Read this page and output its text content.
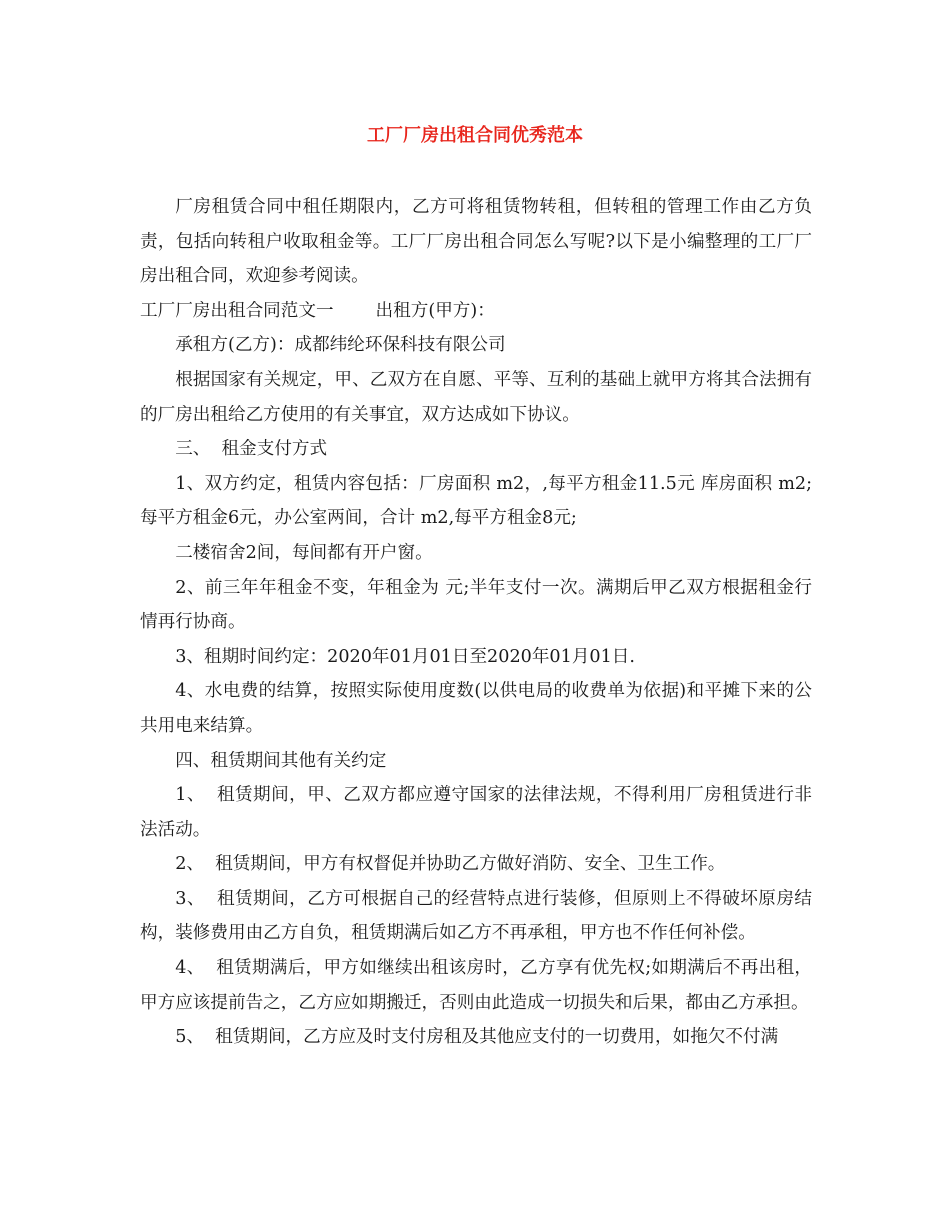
工厂厂房出租合同优秀范本

厂房租赁合同中租任期限内，乙方可将租赁物转租，但转租的管理工作由乙方负责，包括向转租户收取租金等。工厂厂房出租合同怎么写呢?以下是小编整理的工厂厂房出租合同，欢迎参考阅读。

工厂厂房出租合同范文一 出租方(甲方)：

承租方(乙方)：成都纬纶环保科技有限公司

根据国家有关规定，甲、乙双方在自愿、平等、互利的基础上就甲方将其合法拥有的厂房出租给乙方使用的有关事宜，双方达成如下协议。

三、  租金支付方式

1、双方约定，租赁内容包括：厂房面积 m2，,每平方租金11.5元 库房面积 m2;每平方租金6元，办公室两间，合计 m2,每平方租金8元;

二楼宿舍2间，每间都有开户窗。

2、前三年年租金不变，年租金为 元;半年支付一次。满期后甲乙双方根据租金行情再行协商。

3、租期时间约定：2020年01月01日至2020年01月01日.

4、水电费的结算，按照实际使用度数(以供电局的收费单为依据)和平摊下来的公共用电来结算。

四、租赁期间其他有关约定

1、  租赁期间，甲、乙双方都应遵守国家的法律法规，不得利用厂房租赁进行非法活动。

2、  租赁期间，甲方有权督促并协助乙方做好消防、安全、卫生工作。

3、  租赁期间，乙方可根据自己的经营特点进行装修，但原则上不得破坏原房结构，装修费用由乙方自负，租赁期满后如乙方不再承租，甲方也不作任何补偿。

4、  租赁期满后，甲方如继续出租该房时，乙方享有优先权;如期满后不再出租，甲方应该提前告之，乙方应如期搬迁，否则由此造成一切损失和后果，都由乙方承担。

5、  租赁期间，乙方应及时支付房租及其他应支付的一切费用，如拖欠不付满
